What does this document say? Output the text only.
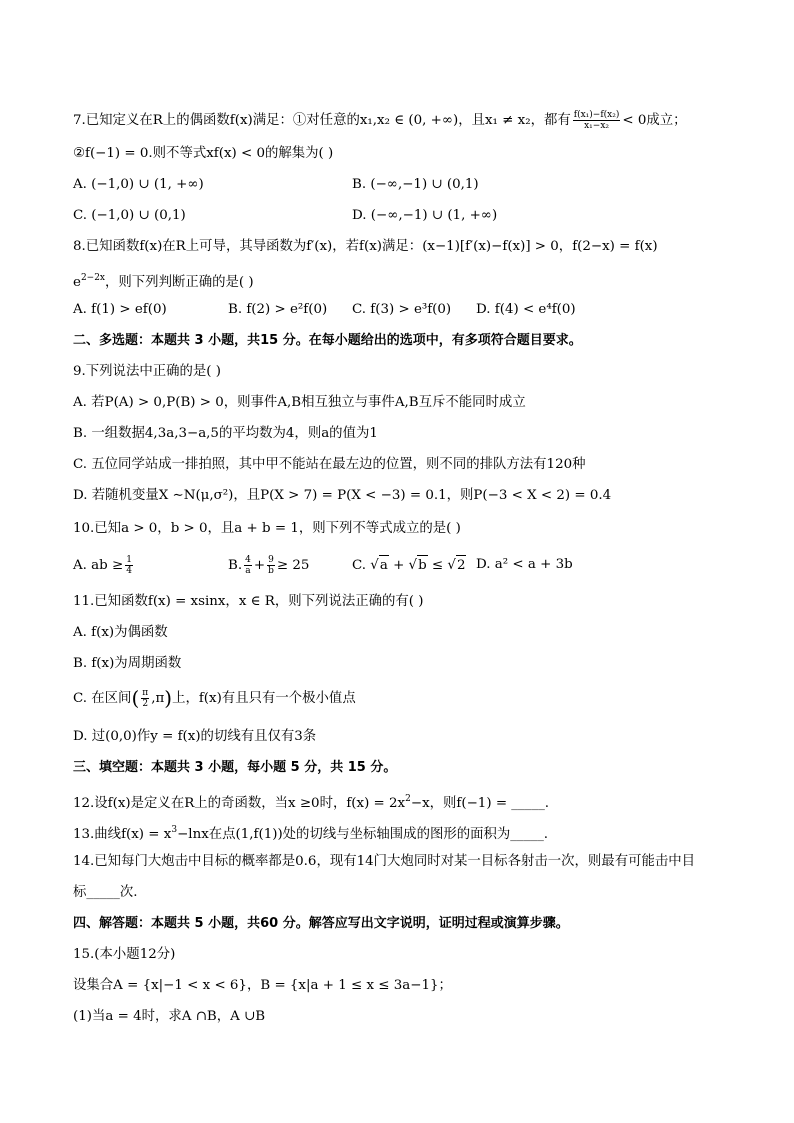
7.已知定义在R上的偶函数f(x)满足：①对任意的x₁,x₂ ∈ (0, +∞)，且x₁ ≠ x₂，都有 $\frac{\text{f(x₁)−f(x₂)}}{\text{x₁−x₂}} < 0$成立；
②f(−1) = 0.则不等式xf(x) < 0的解集为( )
A. (−1,0) ∪ (1, +∞)	B. (−∞,−1) ∪ (0,1)
C. (−1,0) ∪ (0,1)	D. (−∞,−1) ∪ (1, +∞)
8.已知函数f(x)在R上可导，其导函数为f′(x)，若f(x)满足：(x−1)[f′(x)−f(x)] > 0，f(2−x) = f(x)
$e^{2-2x}$，则下列判断正确的是( )
A. f(1) > ef(0)	B. f(2) > e²f(0) C. f(3) > e³f(0) D. f(4) < e⁴f(0)
二、多选题：本题共 3 小题，共15 分。在每小题给出的选项中，有多项符合题目要求。
9.下列说法中正确的是( )
A. 若P(A) > 0,P(B) > 0，则事件A,B相互独立与事件A,B互斥不能同时成立
B. 一组数据4,3a,3−a,5的平均数为4，则a的值为1
C. 五位同学站成一排拍照，其中甲不能站在最左边的位置，则不同的排队方法有120种
D. 若随机变量X ∼N(μ,σ²)，且P(X > 7) = P(X < −3) = 0.1，则P(−3 < X < 2) = 0.4
10.已知a > 0，b > 0，且a + b = 1，则下列不等式成立的是( )
A. ab ≥ $\frac{1}{4}$	B. $\frac{4}{a} + \frac{9}{b} \ge 25$	C. √a + √b ≤ √2 D. a² < a + 3b
11.已知函数f(x) = xsinx，x ∈ R，则下列说法正确的有( )
A. f(x)为偶函数
B. f(x)为周期函数
C. 在区间( $\frac{\pi}{2} ,\pi$)上，f(x)有且只有一个极小值点
D. 过(0,0)作y = f(x)的切线有且仅有3条
三、填空题：本题共 3 小题，每小题 5 分，共 15 分。
12.设f(x)是定义在R上的奇函数，当x ≥0时，$f(x) = 2x^2-x$，则f(−1) = _____.
13.曲线$f(x) = x^3-\ln x$在点(1,f(1))处的切线与坐标轴围成的图形的面积为_____.
14.已知每门大炮击中目标的概率都是0.6，现有14门大炮同时对某一目标各射击一次，则最有可能击中目
标_____次.
四、解答题：本题共 5 小题，共60 分。解答应写出文字说明，证明过程或演算步骤。
15.(本小题12分)
设集合A = {x|−1 < x < 6}，B = {x|a + 1 ≤ x ≤ 3a−1}；
(1)当a = 4时，求A ∩B，A ∪B
